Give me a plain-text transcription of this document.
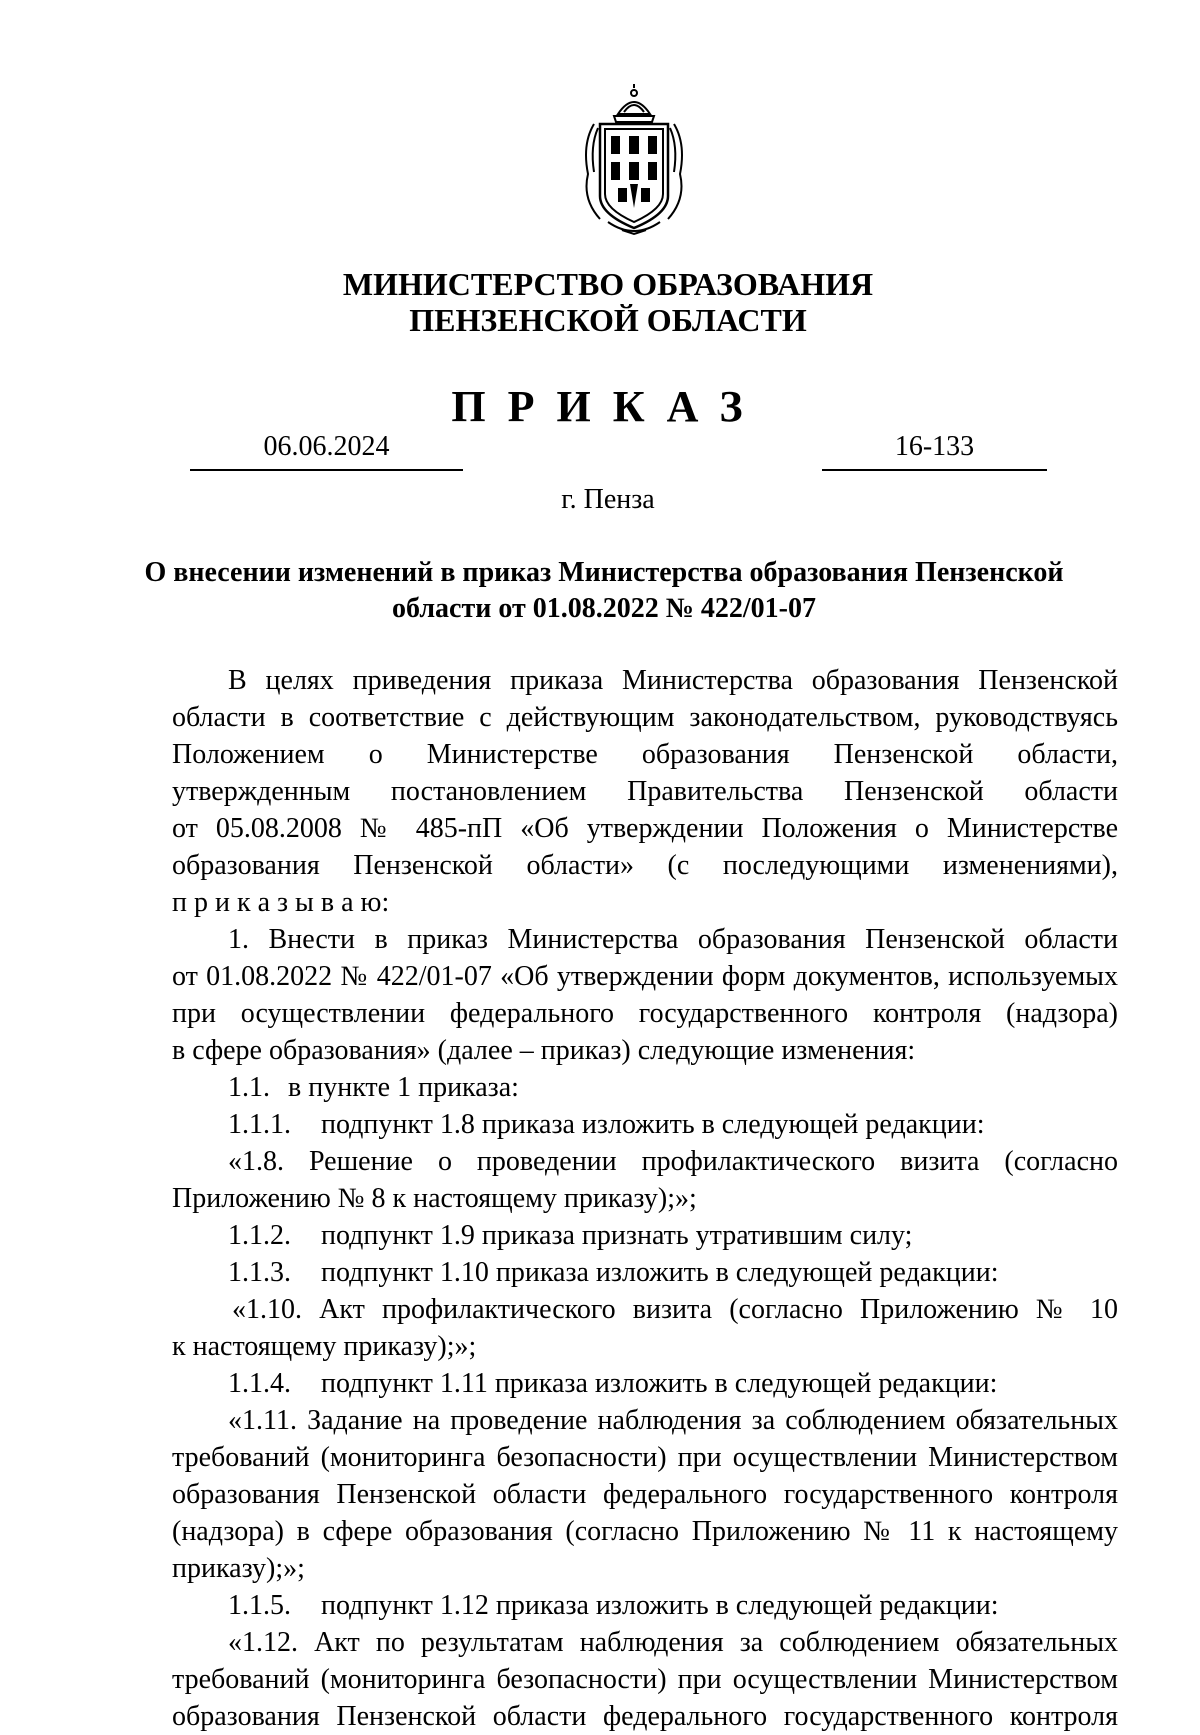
МИНИСТЕРСТВО ОБРАЗОВАНИЯ
ПЕНЗЕНСКОЙ ОБЛАСТИ
ПРИКАЗ
06.06.2024	16-133
г. Пенза
О внесении изменений в приказ Министерства образования Пензенской
области от 01.08.2022 № 422/01-07
В целях приведения приказа Министерства образования Пензенской
области в соответствие с действующим законодательством, руководствуясь
Положением о Министерстве образования Пензенской области,
утвержденным постановлением Правительства Пензенской области
от 05.08.2008 № 485-пП «Об утверждении Положения о Министерстве
образования Пензенской области» (с последующими изменениями),
п р и к а з ы в а ю:
1. Внести в приказ Министерства образования Пензенской области
от 01.08.2022 № 422/01-07 «Об утверждении форм документов, используемых
при осуществлении федерального государственного контроля (надзора)
в сфере образования» (далее – приказ) следующие изменения:
1.1. в пункте 1 приказа:
1.1.1. подпункт 1.8 приказа изложить в следующей редакции:
«1.8. Решение о проведении профилактического визита (согласно
Приложению № 8 к настоящему приказу);»;
1.1.2. подпункт 1.9 приказа признать утратившим силу;
1.1.3. подпункт 1.10 приказа изложить в следующей редакции:
«1.10. Акт профилактического визита (согласно Приложению № 10
к настоящему приказу);»;
1.1.4. подпункт 1.11 приказа изложить в следующей редакции:
«1.11. Задание на проведение наблюдения за соблюдением обязательных
требований (мониторинга безопасности) при осуществлении Министерством
образования Пензенской области федерального государственного контроля
(надзора) в сфере образования (согласно Приложению № 11 к настоящему
приказу);»;
1.1.5. подпункт 1.12 приказа изложить в следующей редакции:
«1.12. Акт по результатам наблюдения за соблюдением обязательных
требований (мониторинга безопасности) при осуществлении Министерством
образования Пензенской области федерального государственного контроля
